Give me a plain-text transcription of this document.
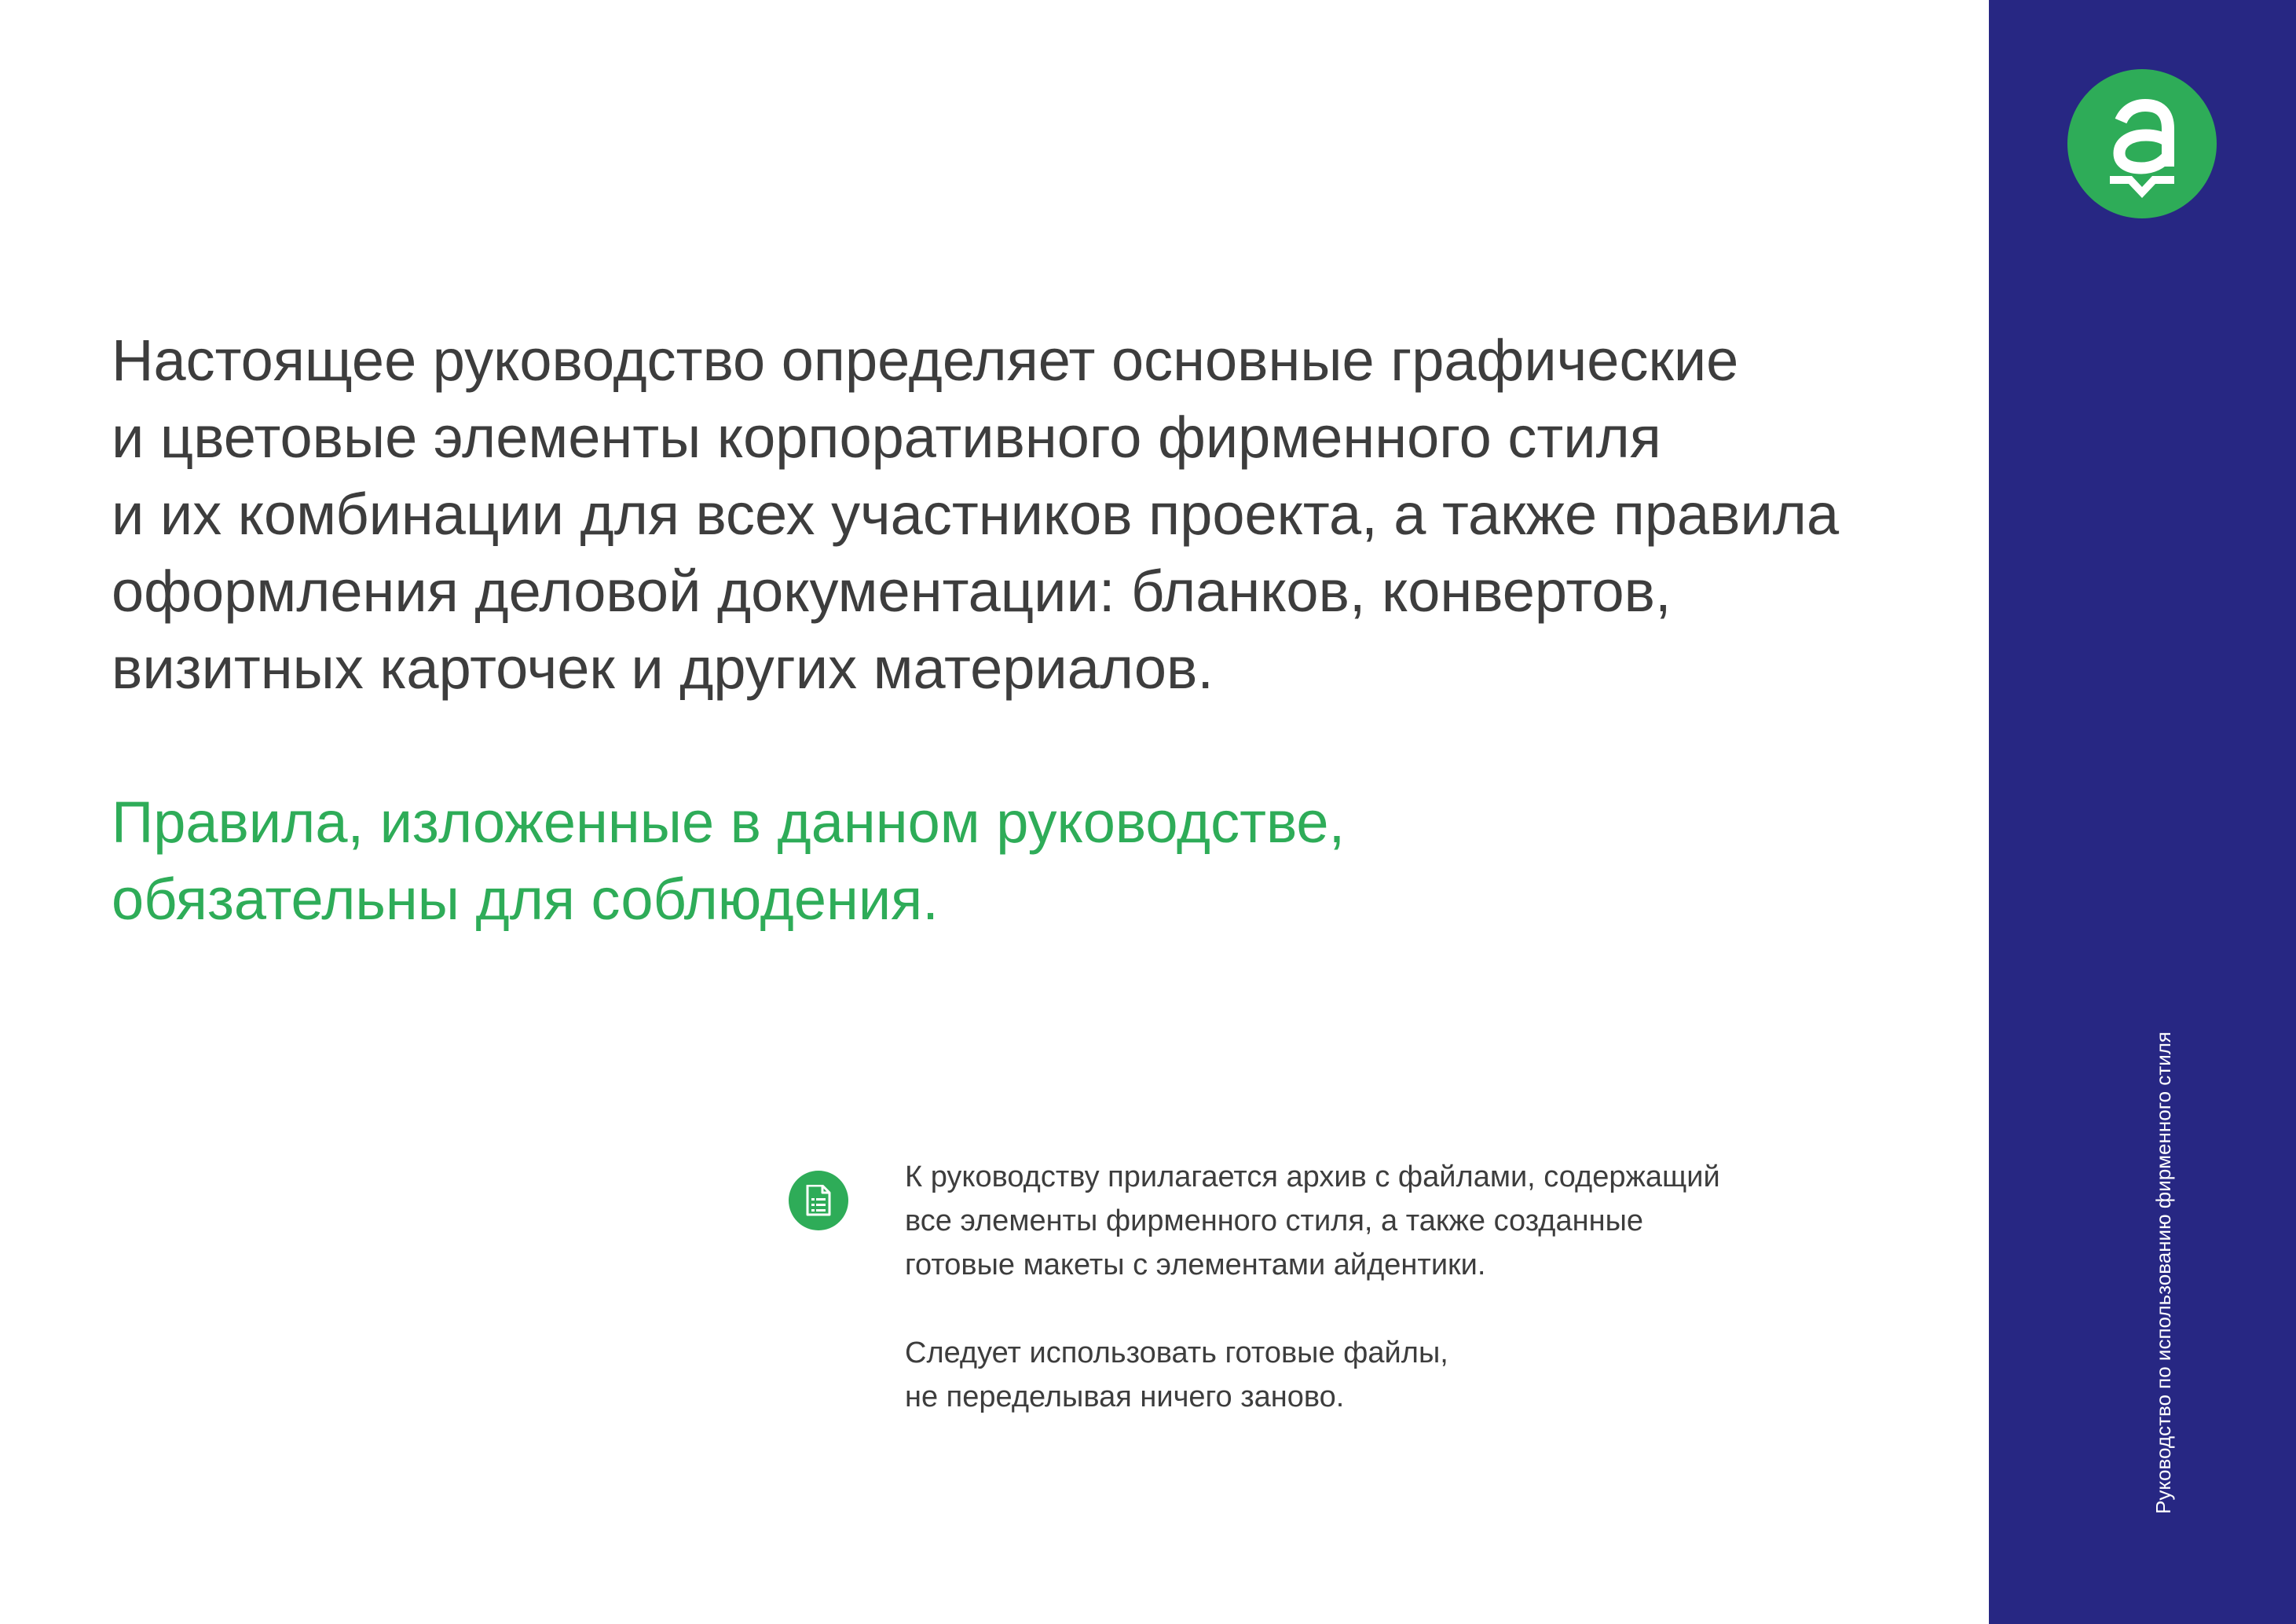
Настоящее руководство определяет основные графические
и цветовые элементы корпоративного фирменного стиля
и их комбинации для всех участников проекта, а также правила
оформления деловой документации: бланков, конвертов,
визитных карточек и других материалов.

Правила, изложенные в данном руководстве,
обязательны для соблюдения.

К руководству прилагается архив с файлами, содержащий
все элементы фирменного стиля, а также созданные
готовые макеты с элементами айдентики.

Следует использовать готовые файлы,
не переделывая ничего заново.	Руководство по использованию фирменного стиля
